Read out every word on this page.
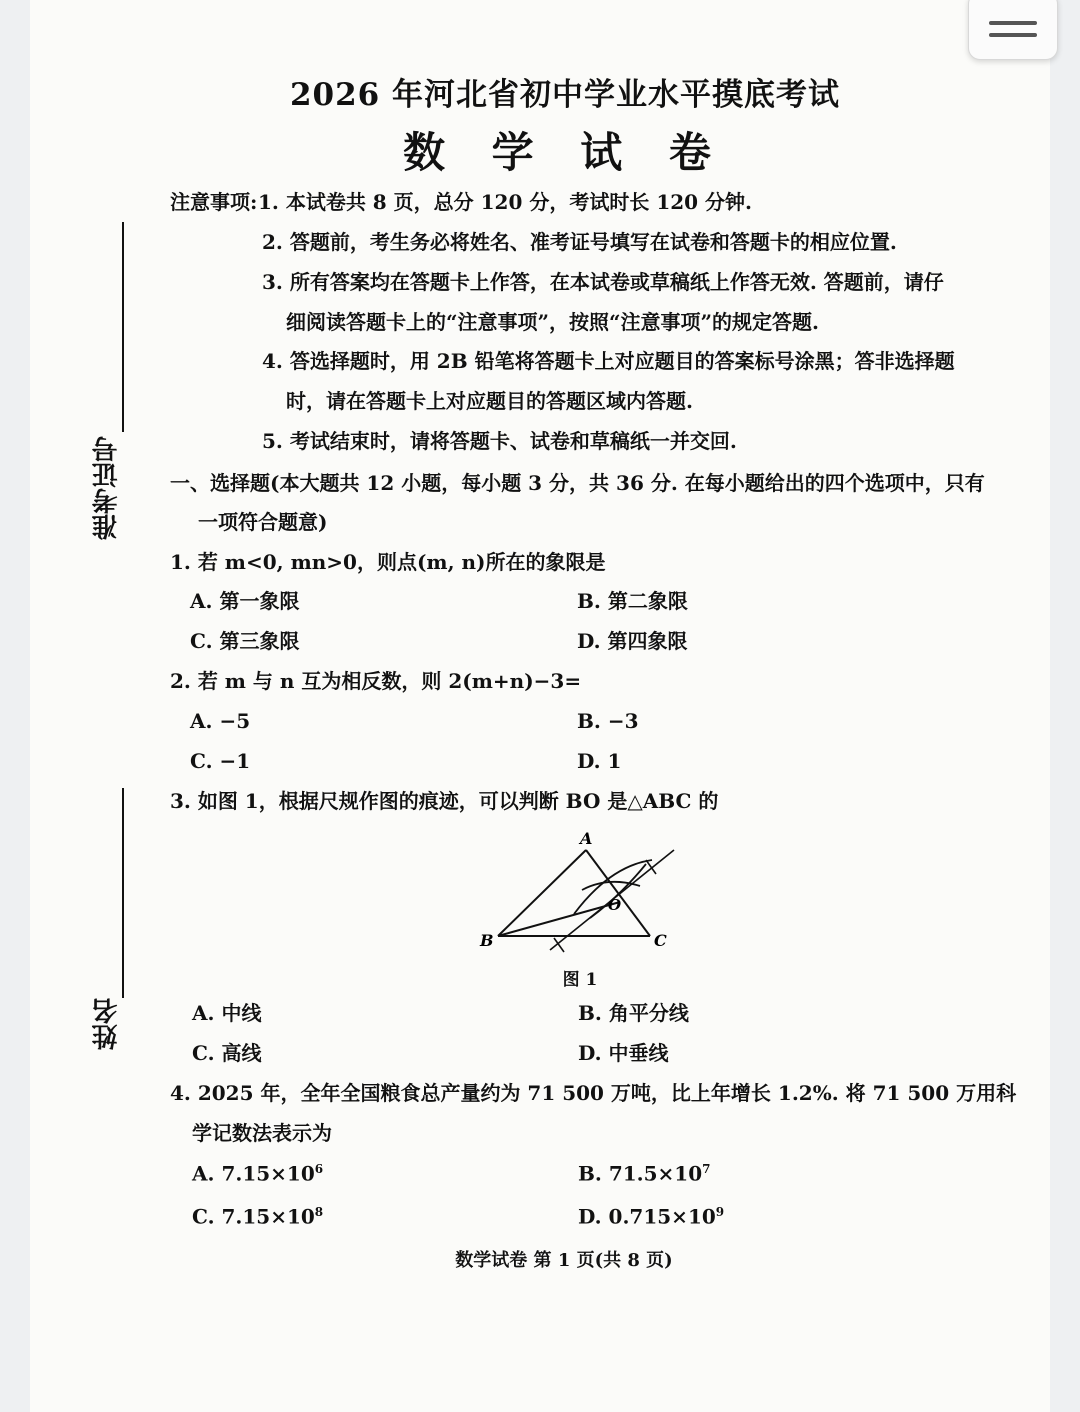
2026 年河北省初中学业水平摸底考试
数 学 试 卷
准考证号
姓名
注意事项: 1. 本试卷共 8 页，总分 120 分，考试时长 120 分钟.
2. 答题前，考生务必将姓名、准考证号填写在试卷和答题卡的相应位置.
3. 所有答案均在答题卡上作答，在本试卷或草稿纸上作答无效. 答题前，请仔
细阅读答题卡上的“注意事项”，按照“注意事项”的规定答题.
4. 答选择题时，用 2B 铅笔将答题卡上对应题目的答案标号涂黑；答非选择题
时，请在答题卡上对应题目的答题区域内答题.
5. 考试结束时，请将答题卡、试卷和草稿纸一并交回.
一、选择题(本大题共 12 小题，每小题 3 分，共 36 分. 在每小题给出的四个选项中，只有
一项符合题意)
1. 若 m<0, mn>0，则点(m, n)所在的象限是
A. 第一象限	B. 第二象限
C. 第三象限	D. 第四象限
2. 若 m 与 n 互为相反数，则 2(m+n)−3=
A. −5	B. −3
C. −1	D. 1
3. 如图 1，根据尺规作图的痕迹，可以判断 BO 是△ABC 的
A
B	C
O
图 1
A. 中线	B. 角平分线
C. 高线	D. 中垂线
4. 2025 年，全年全国粮食总产量约为 71 500 万吨，比上年增长 1.2%. 将 71 500 万用科
学记数法表示为
A. $7.15\times 10^6$	B. $71.5\times 10^7$
C. $7.15\times 10^8$	D. $0.715\times 10^9$
数学试卷 第 1 页(共 8 页)
